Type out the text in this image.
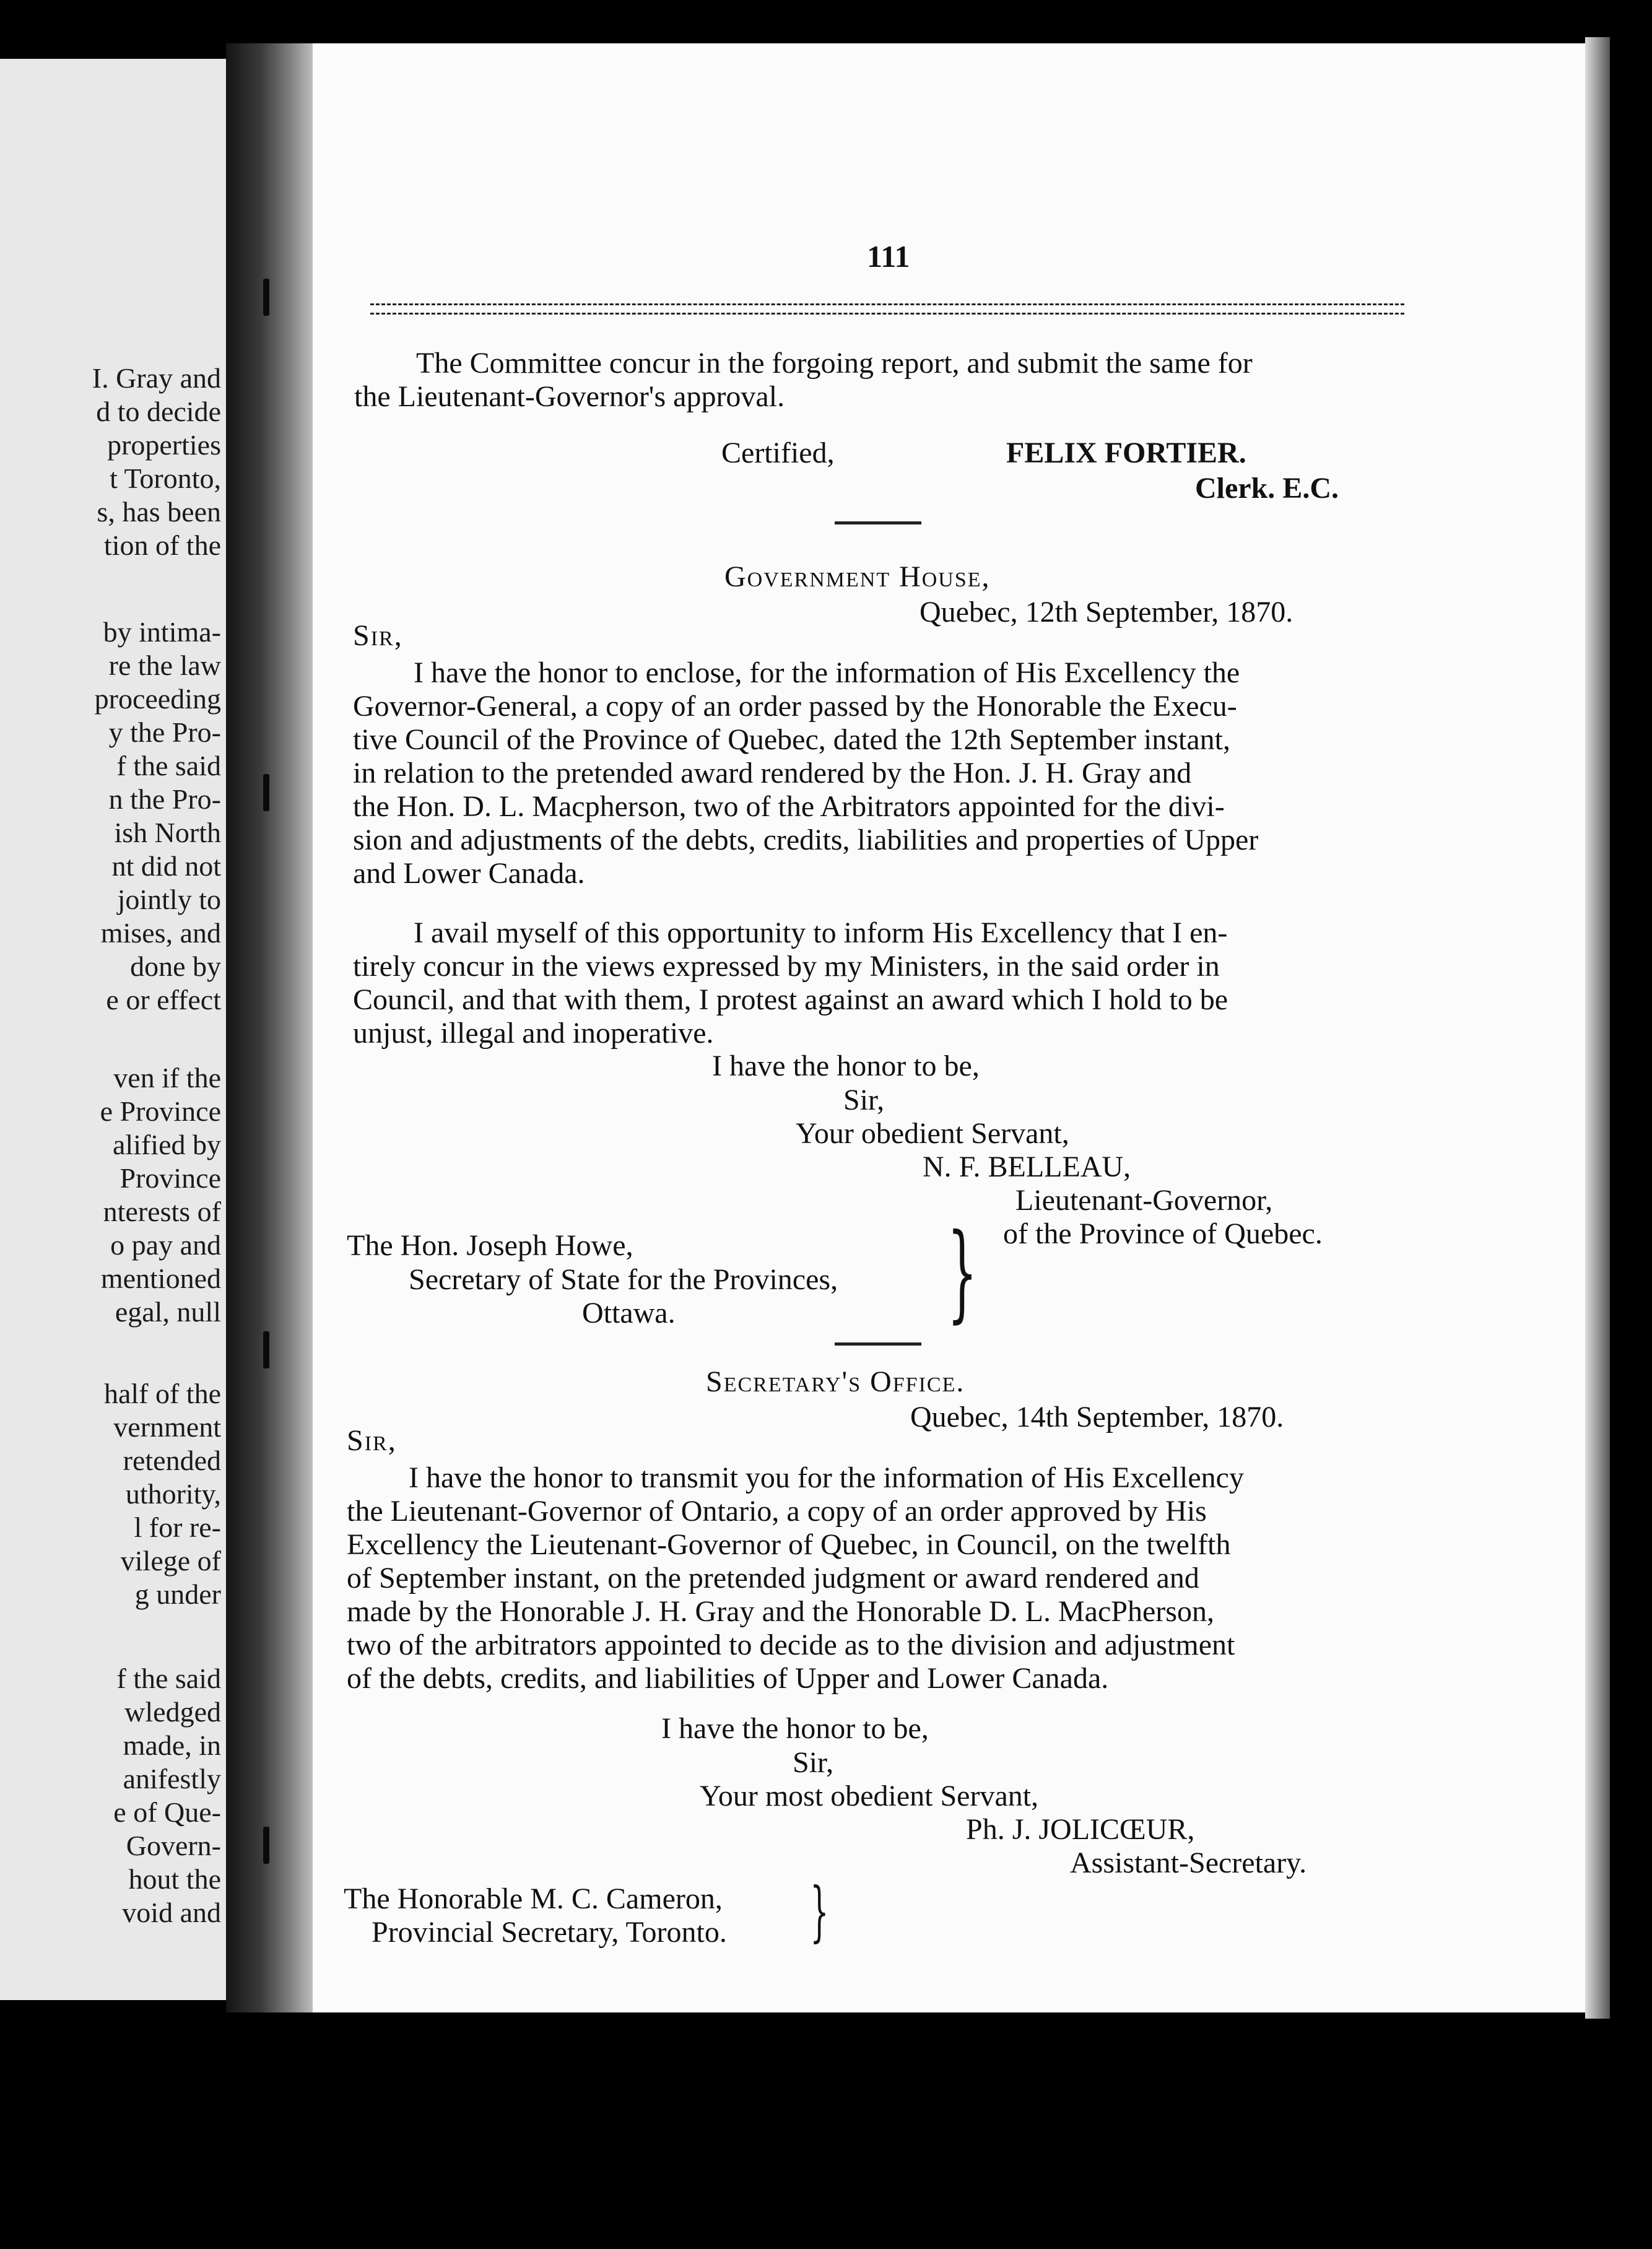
I. Gray and
d to decide
properties
t Toronto,
s, has been
tion of the
by intima-
re the law
proceeding
y the Pro-
f the said
n the Pro-
ish North
nt did not
jointly to
mises, and
done by
e or effect
ven if the
e Province
alified by
Province
nterests of
o pay and
mentioned
egal, null
half of the
vernment
retended
uthority,
l for re-
vilege of
g under
f the said
wledged
made, in
anifestly
e of Que-
Govern-
hout the
void and
111
The Committee concur in the forgoing report, and submit the same for
the Lieutenant-Governor's approval.
Certified,	FELIX FORTIER.
Clerk. E.C.
Government House,
Quebec, 12th September, 1870.
Sir,
I have the honor to enclose, for the information of His Excellency the
Governor-General, a copy of an order passed by the Honorable the Execu-
tive Council of the Province of Quebec, dated the 12th September instant,
in relation to the pretended award rendered by the Hon. J. H. Gray and
the Hon. D. L. Macpherson, two of the Arbitrators appointed for the divi-
sion and adjustments of the debts, credits, liabilities and properties of Upper
and Lower Canada.
I avail myself of this opportunity to inform His Excellency that I en-
tirely concur in the views expressed by my Ministers, in the said order in
Council, and that with them, I protest against an award which I hold to be
unjust, illegal and inoperative.
I have the honor to be,
Sir,
Your obedient Servant,
N. F. BELLEAU,
Lieutenant-Governor,
of the Province of Quebec.
The Hon. Joseph Howe,
Secretary of State for the Provinces,
Ottawa.	}
Secretary's Office.
Quebec, 14th September, 1870.
Sir,
I have the honor to transmit you for the information of His Excellency
the Lieutenant-Governor of Ontario, a copy of an order approved by His
Excellency the Lieutenant-Governor of Quebec, in Council, on the twelfth
of September instant, on the pretended judgment or award rendered and
made by the Honorable J. H. Gray and the Honorable D. L. MacPherson,
two of the arbitrators appointed to decide as to the division and adjustment
of the debts, credits, and liabilities of Upper and Lower Canada.
I have the honor to be,
Sir,
Your most obedient Servant,
Ph. J. JOLICŒUR,
Assistant-Secretary.
The Honorable M. C. Cameron,
Provincial Secretary, Toronto. }
